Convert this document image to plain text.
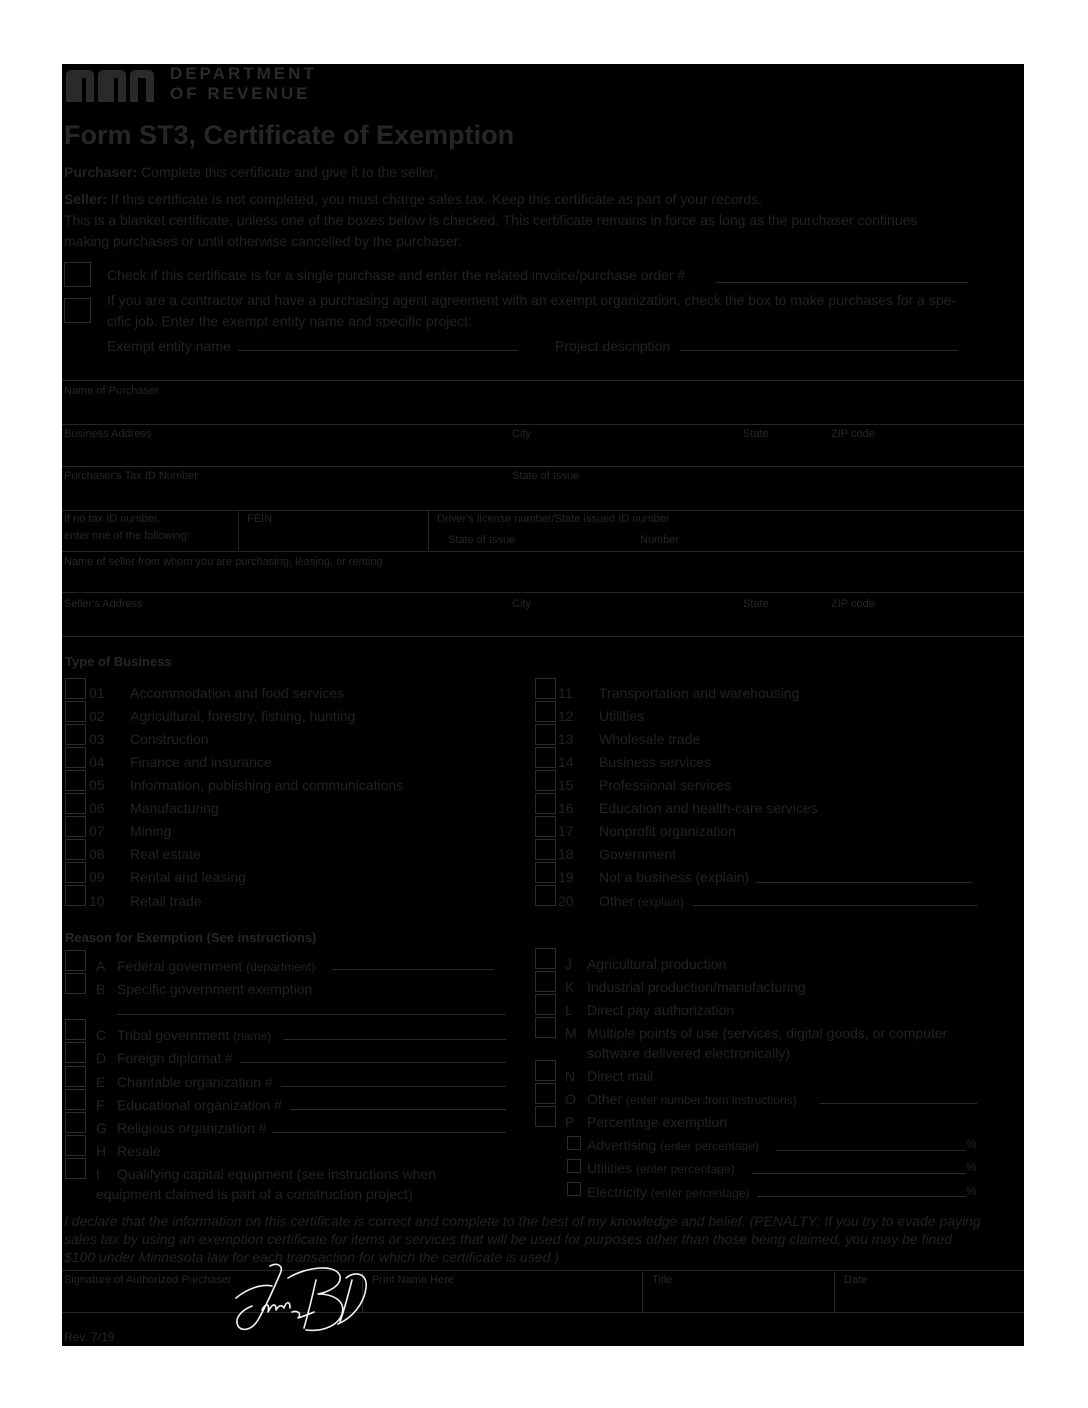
DEPARTMENT
OF REVENUE
Form ST3, Certificate of Exemption
Purchaser: Complete this certificate and give it to the seller.
Seller: If this certificate is not completed, you must charge sales tax. Keep this certificate as part of your records.
This is a blanket certificate, unless one of the boxes below is checked. This certificate remains in force as long as the purchaser continues
making purchases or until otherwise cancelled by the purchaser.
Check if this certificate is for a single purchase and enter the related invoice/purchase order #
If you are a contractor and have a purchasing agent agreement with an exempt organization, check the box to make purchases for a spe-
cific job. Enter the exempt entity name and specific project:
Exempt entity name	Project description
Name of Purchaser
Business Address	City	State	ZIP code
Purchaser's Tax ID Number	State of Issue
If no tax ID number,
enter one of the following:
FEIN	Driver's license number/State issued ID number
State of Issue	Number
Name of seller from whom you are purchasing, leasing, or renting
Seller's Address	City	State	ZIP code
Type of Business
01 Accommodation and food services
02 Agricultural, forestry, fishing, hunting
03 Construction
04 Finance and insurance
05 Information, publishing and communications
06 Manufacturing
07 Mining
08 Real estate
09 Rental and leasing
10 Retail trade
11 Transportation and warehousing
12 Utilities
13 Wholesale trade
14 Business services
15 Professional services
16 Education and health-care services
17 Nonprofit organization
18 Government
19 Not a business (explain)
20 Other (explain)
Reason for Exemption (See instructions)
A Federal government (department)
B Specific government exemption
C Tribal government (name)
D Foreign diplomat #
E Charitable organization #
F Educational organization #
G Religious organization #
H Resale
I Qualifying capital equipment (see instructions when
equipment claimed is part of a construction project)
J Agricultural production
K Industrial production/manufacturing
L Direct pay authorization
M Multiple points of use (services, digital goods, or computer
software delivered electronically)
N Direct mail
O Other (enter number from instructions)
P Percentage exemption
Advertising (enter percentage)	%
Utilities (enter percentage)	%
Electricity (enter percentage)	%
I declare that the information on this certificate is correct and complete to the best of my knowledge and belief. (PENALTY: If you try to evade paying
sales tax by using an exemption certificate for items or services that will be used for purposes other than those being claimed, you may be fined
$100 under Minnesota law for each transaction for which the certificate is used.)
Signature of Authorized Purchaser	Print Name Here	Title	Date
Rev. 7/19
